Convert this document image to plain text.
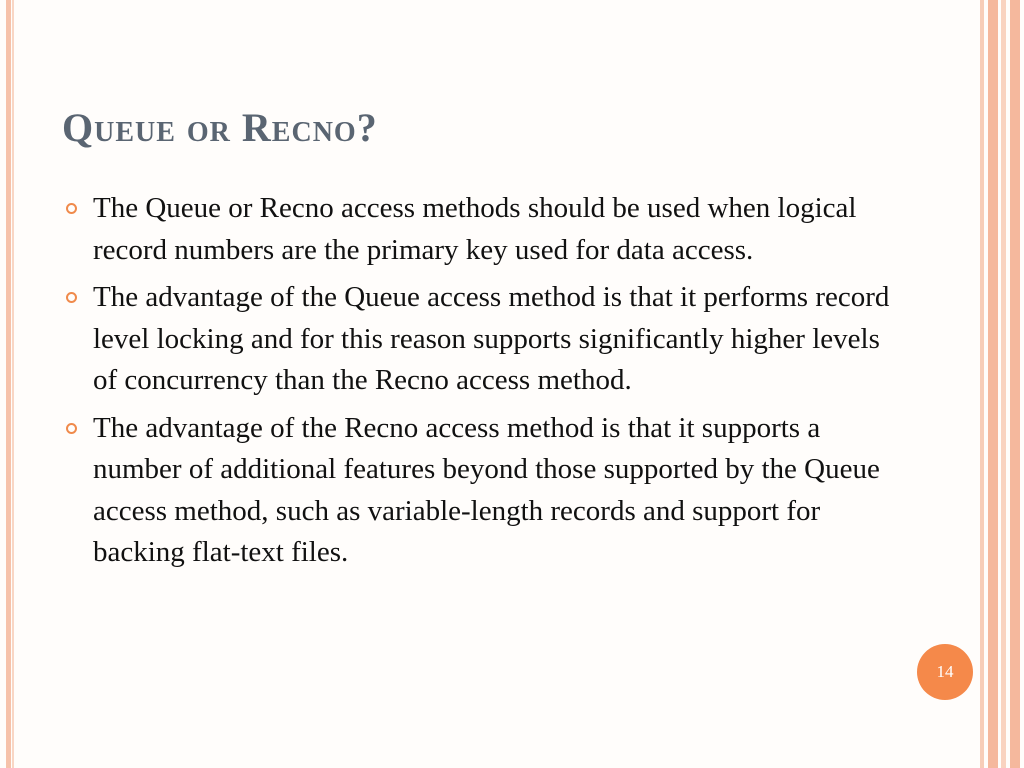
Queue or Recno?
The Queue or Recno access methods should be used when logical record numbers are the primary key used for data access.
The advantage of the Queue access method is that it performs record level locking and for this reason supports significantly higher levels of concurrency than the Recno access method.
The advantage of the Recno access method is that it supports a number of additional features beyond those supported by the Queue access method, such as variable-length records and support for backing flat-text files.
14
